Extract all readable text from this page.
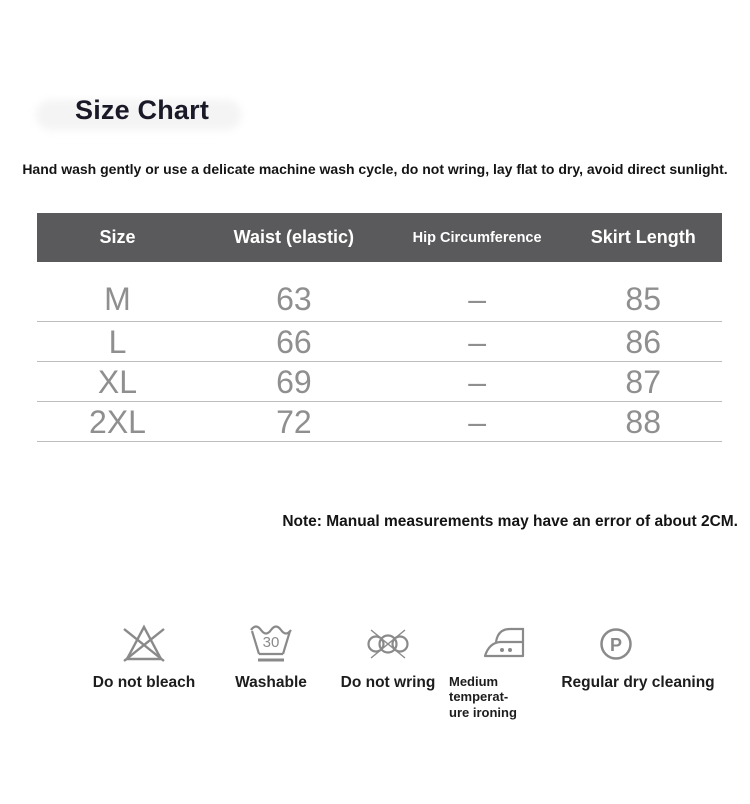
Size Chart
Hand wash gently or use a delicate machine wash cycle, do not wring, lay flat to dry, avoid direct sunlight.
Size	Waist (elastic)	Hip Circumference	Skirt Length
M	63	–	85
L	66	–	86
XL	69	–	87
2XL	72	–	88
Note: Manual measurements may have an error of about 2CM.
Do not bleach
30
Washable Do not wring Medium temperat-
ure ironing
P
Regular dry cleaning
